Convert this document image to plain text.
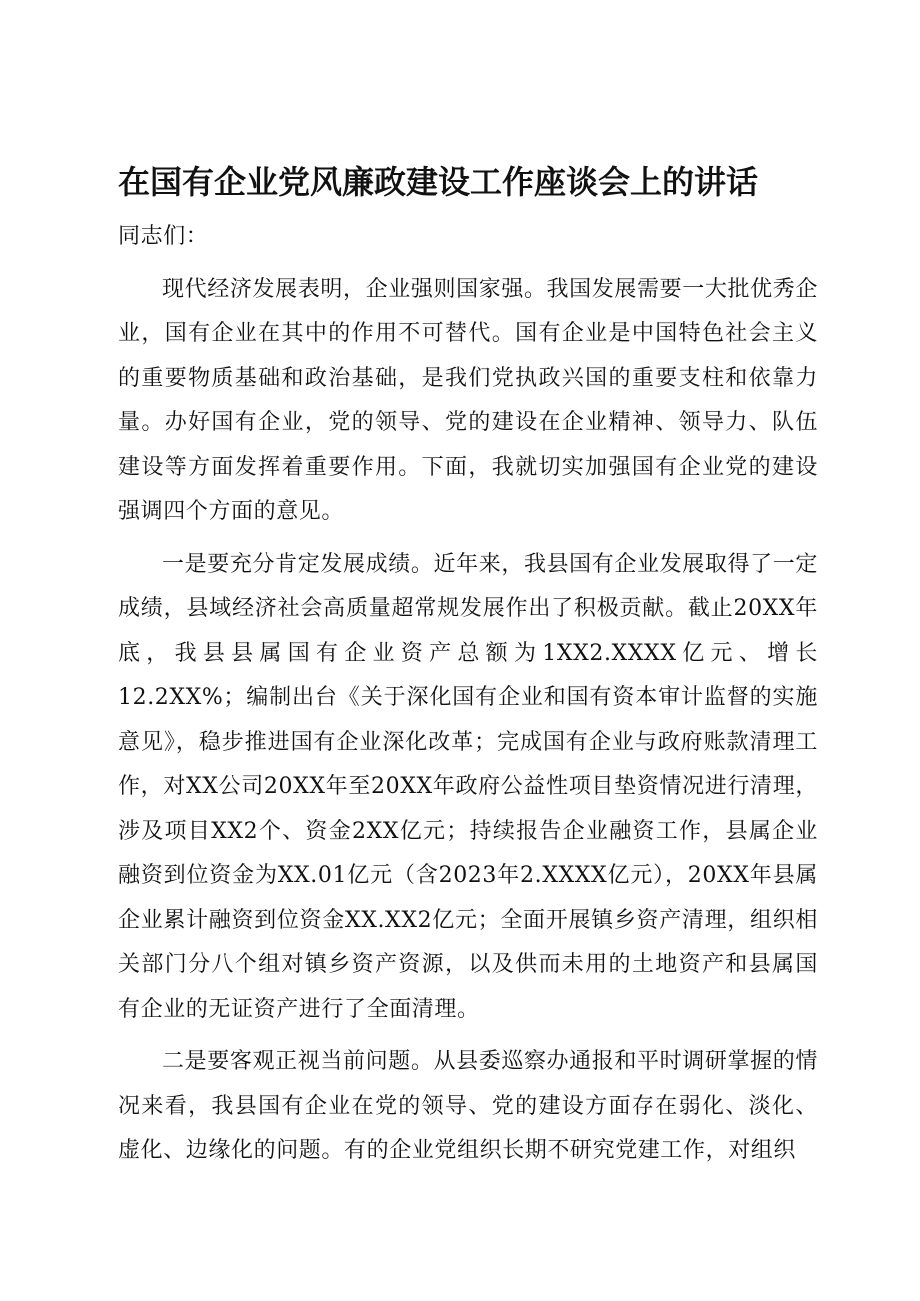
在国有企业党风廉政建设工作座谈会上的讲话

同志们：

现代经济发展表明，企业强则国家强。我国发展需要一大批优秀企业，国有企业在其中的作用不可替代。国有企业是中国特色社会主义的重要物质基础和政治基础，是我们党执政兴国的重要支柱和依靠力量。办好国有企业，党的领导、党的建设在企业精神、领导力、队伍建设等方面发挥着重要作用。下面，我就切实加强国有企业党的建设强调四个方面的意见。

一是要充分肯定发展成绩。近年来，我县国有企业发展取得了一定成绩，县域经济社会高质量超常规发展作出了积极贡献。截止20XX年底，我县县属国有企业资产总额为1XX2.XXXX亿元、增长12.2XX%；编制出台《关于深化国有企业和国有资本审计监督的实施意见》，稳步推进国有企业深化改革；完成国有企业与政府账款清理工作，对XX公司20XX年至20XX年政府公益性项目垫资情况进行清理，涉及项目XX2个、资金2XX亿元；持续报告企业融资工作，县属企业融资到位资金为XX.01亿元（含2023年2.XXXX亿元），20XX年县属企业累计融资到位资金XX.XX2亿元；全面开展镇乡资产清理，组织相关部门分八个组对镇乡资产资源，以及供而未用的土地资产和县属国有企业的无证资产进行了全面清理。

二是要客观正视当前问题。从县委巡察办通报和平时调研掌握的情况来看，我县国有企业在党的领导、党的建设方面存在弱化、淡化、虚化、边缘化的问题。有的企业党组织长期不研究党建工作，对组织
